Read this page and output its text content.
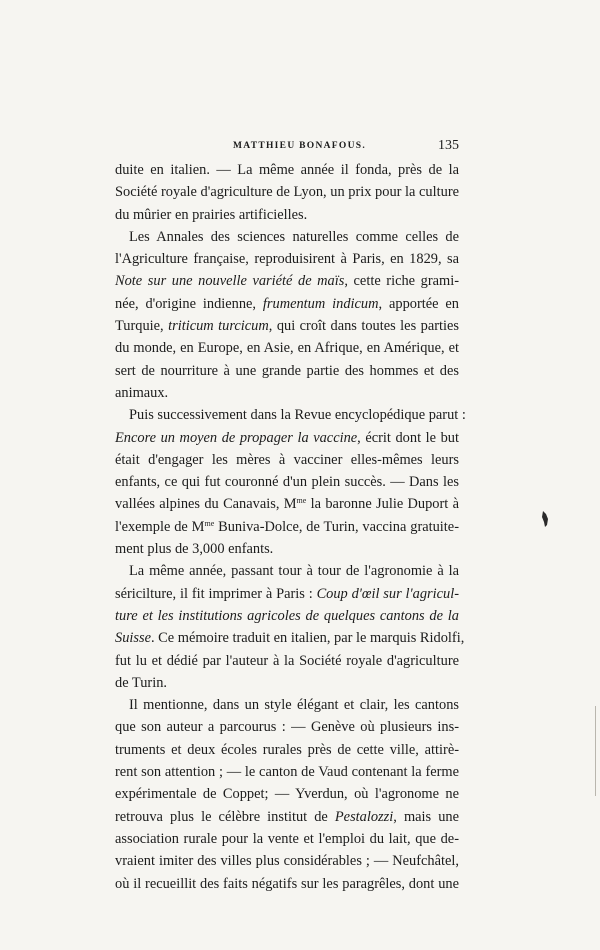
MATTHIEU BONAFOUS.	135
duite en italien. — La même année il fonda, près de la
Société royale d'agriculture de Lyon, un prix pour la culture
du mûrier en prairies artificielles.
Les Annales des sciences naturelles comme celles de
l'Agriculture française, reproduisirent à Paris, en 1829, sa
Note sur une nouvelle variété de maïs, cette riche grami-
née, d'origine indienne, frumentum indicum, apportée en
Turquie, triticum turcicum, qui croît dans toutes les parties
du monde, en Europe, en Asie, en Afrique, en Amérique, et
sert de nourriture à une grande partie des hommes et des
animaux.
Puis successivement dans la Revue encyclopédique parut :
Encore un moyen de propager la vaccine, écrit dont le but
était d'engager les mères à vacciner elles-mêmes leurs
enfants, ce qui fut couronné d'un plein succès. — Dans les
vallées alpines du Canavais, $M^{me}$ la baronne Julie Duport à
l'exemple de $M^{me}$ Buniva-Dolce, de Turin, vaccina gratuite-
ment plus de 3,000 enfants.
La même année, passant tour à tour de l'agronomie à la
séricilture, il fit imprimer à Paris : Coup d'œil sur l'agricul-
ture et les institutions agricoles de quelques cantons de la
Suisse. Ce mémoire traduit en italien, par le marquis Ridolfi,
fut lu et dédié par l'auteur à la Société royale d'agriculture
de Turin.
Il mentionne, dans un style élégant et clair, les cantons
que son auteur a parcourus : — Genève où plusieurs ins-
truments et deux écoles rurales près de cette ville, attirè-
rent son attention ; — le canton de Vaud contenant la ferme
expérimentale de Coppet; — Yverdun, où l'agronome ne
retrouva plus le célèbre institut de Pestalozzi, mais une
association rurale pour la vente et l'emploi du lait, que de-
vraient imiter des villes plus considérables ; — Neufchâtel,
où il recueillit des faits négatifs sur les paragrêles, dont une
